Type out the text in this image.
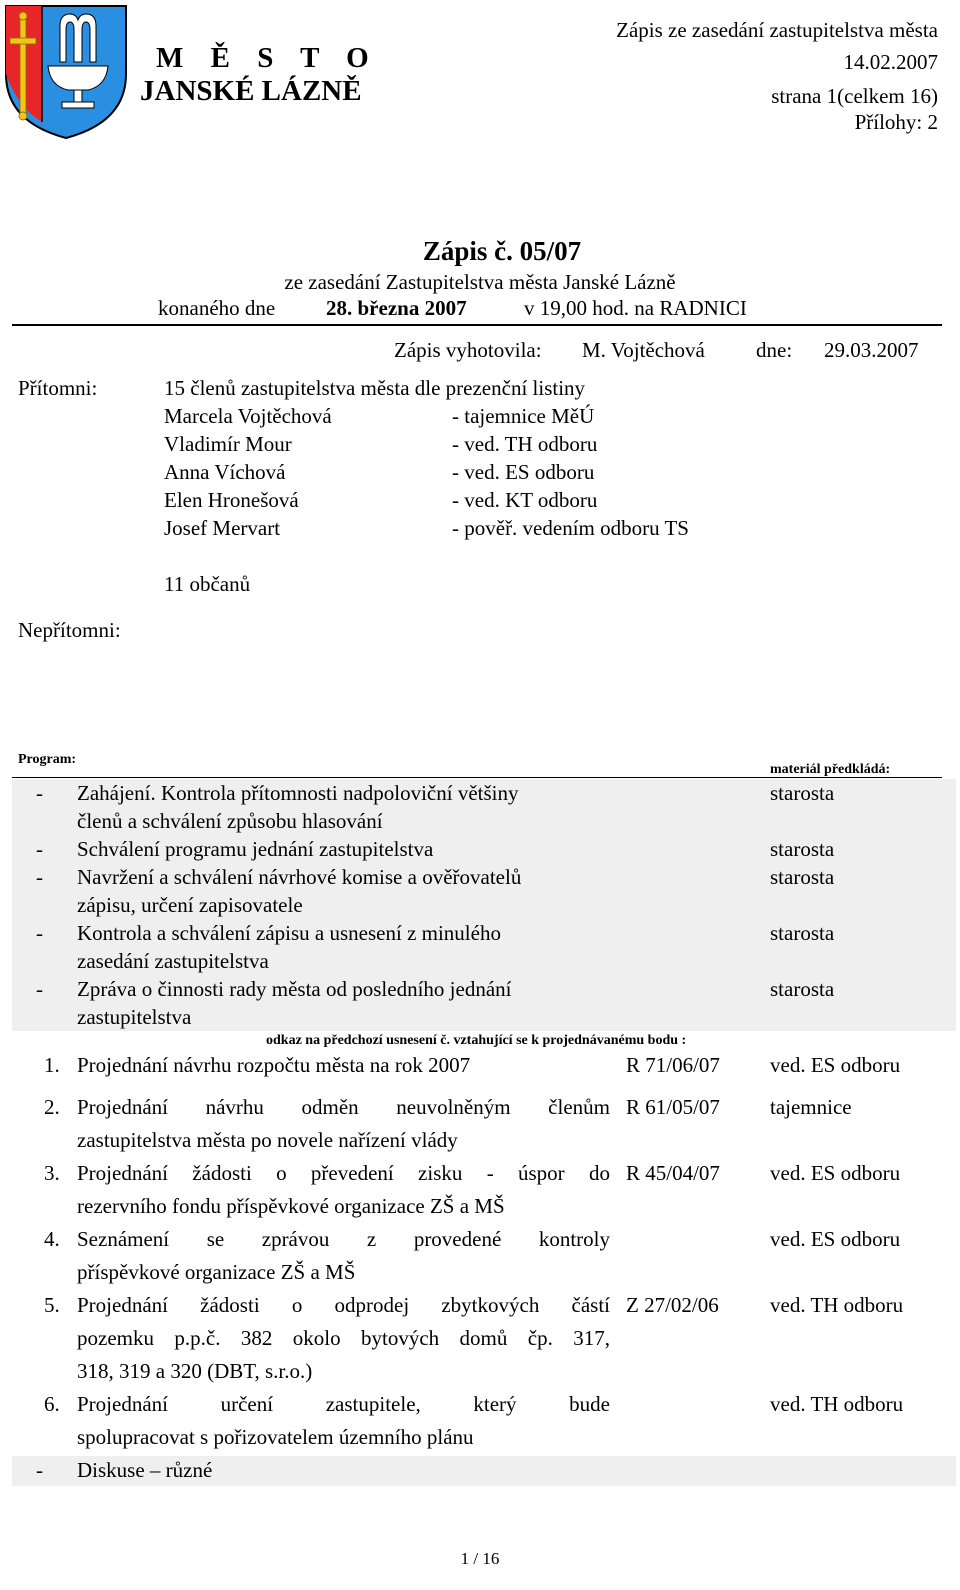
M Ě S T O
JANSKÉ LÁZNĚ
Zápis ze zasedání zastupitelstva města
14.02.2007
strana 1(celkem 16)
Přílohy: 2
Zápis č. 05/07
ze zasedání Zastupitelstva města Janské Lázně
konaného dne 28. března 2007	v 19,00 hod. na RADNICI
Zápis vyhotovila: M. Vojtěchová dne: 29.03.2007
Přítomni:	15 členů zastupitelstva města dle prezenční listiny
Marcela Vojtěchová	- tajemnice MěÚ
Vladimír Mour	- ved. TH odboru
Anna Víchová	- ved. ES odboru
Elen Hronešová	- ved. KT odboru
Josef Mervart	- pověř. vedením odboru TS
11 občanů
Nepřítomni:
Program:
materiál předkládá:
- Zahájení. Kontrola přítomnosti nadpoloviční většiny
členů a schválení způsobu hlasování
starosta
- Schválení programu jednání zastupitelstva	starosta
- Navržení a schválení návrhové komise a ověřovatelů
zápisu, určení zapisovatele
starosta
- Kontrola a schválení zápisu a usnesení z minulého
zasedání zastupitelstva
starosta
- Zpráva o činnosti rady města od posledního jednání
zastupitelstva
starosta
odkaz na předchozí usnesení č. vztahující se k projednávanému bodu :
1. Projednání návrhu rozpočtu města na rok 2007	R 71/06/07 ved. ES odboru
2. Projednání návrhu odměn neuvolněným členům
zastupitelstva města po novele nařízení vlády
R 61/05/07 tajemnice
3. Projednání žádosti o převedení zisku - úspor do
rezervního fondu příspěvkové organizace ZŠ a MŠ
R 45/04/07 ved. ES odboru
4. Seznámení se zprávou z provedené kontroly
příspěvkové organizace ZŠ a MŠ
ved. ES odboru
5. Projednání žádosti o odprodej zbytkových částí
pozemku p.p.č. 382 okolo bytových domů čp. 317,
318, 319 a 320 (DBT, s.r.o.)
Z 27/02/06 ved. TH odboru
6. Projednání určení zastupitele, který bude
spolupracovat s pořizovatelem územního plánu
ved. TH odboru
- Diskuse – různé
1 / 16
